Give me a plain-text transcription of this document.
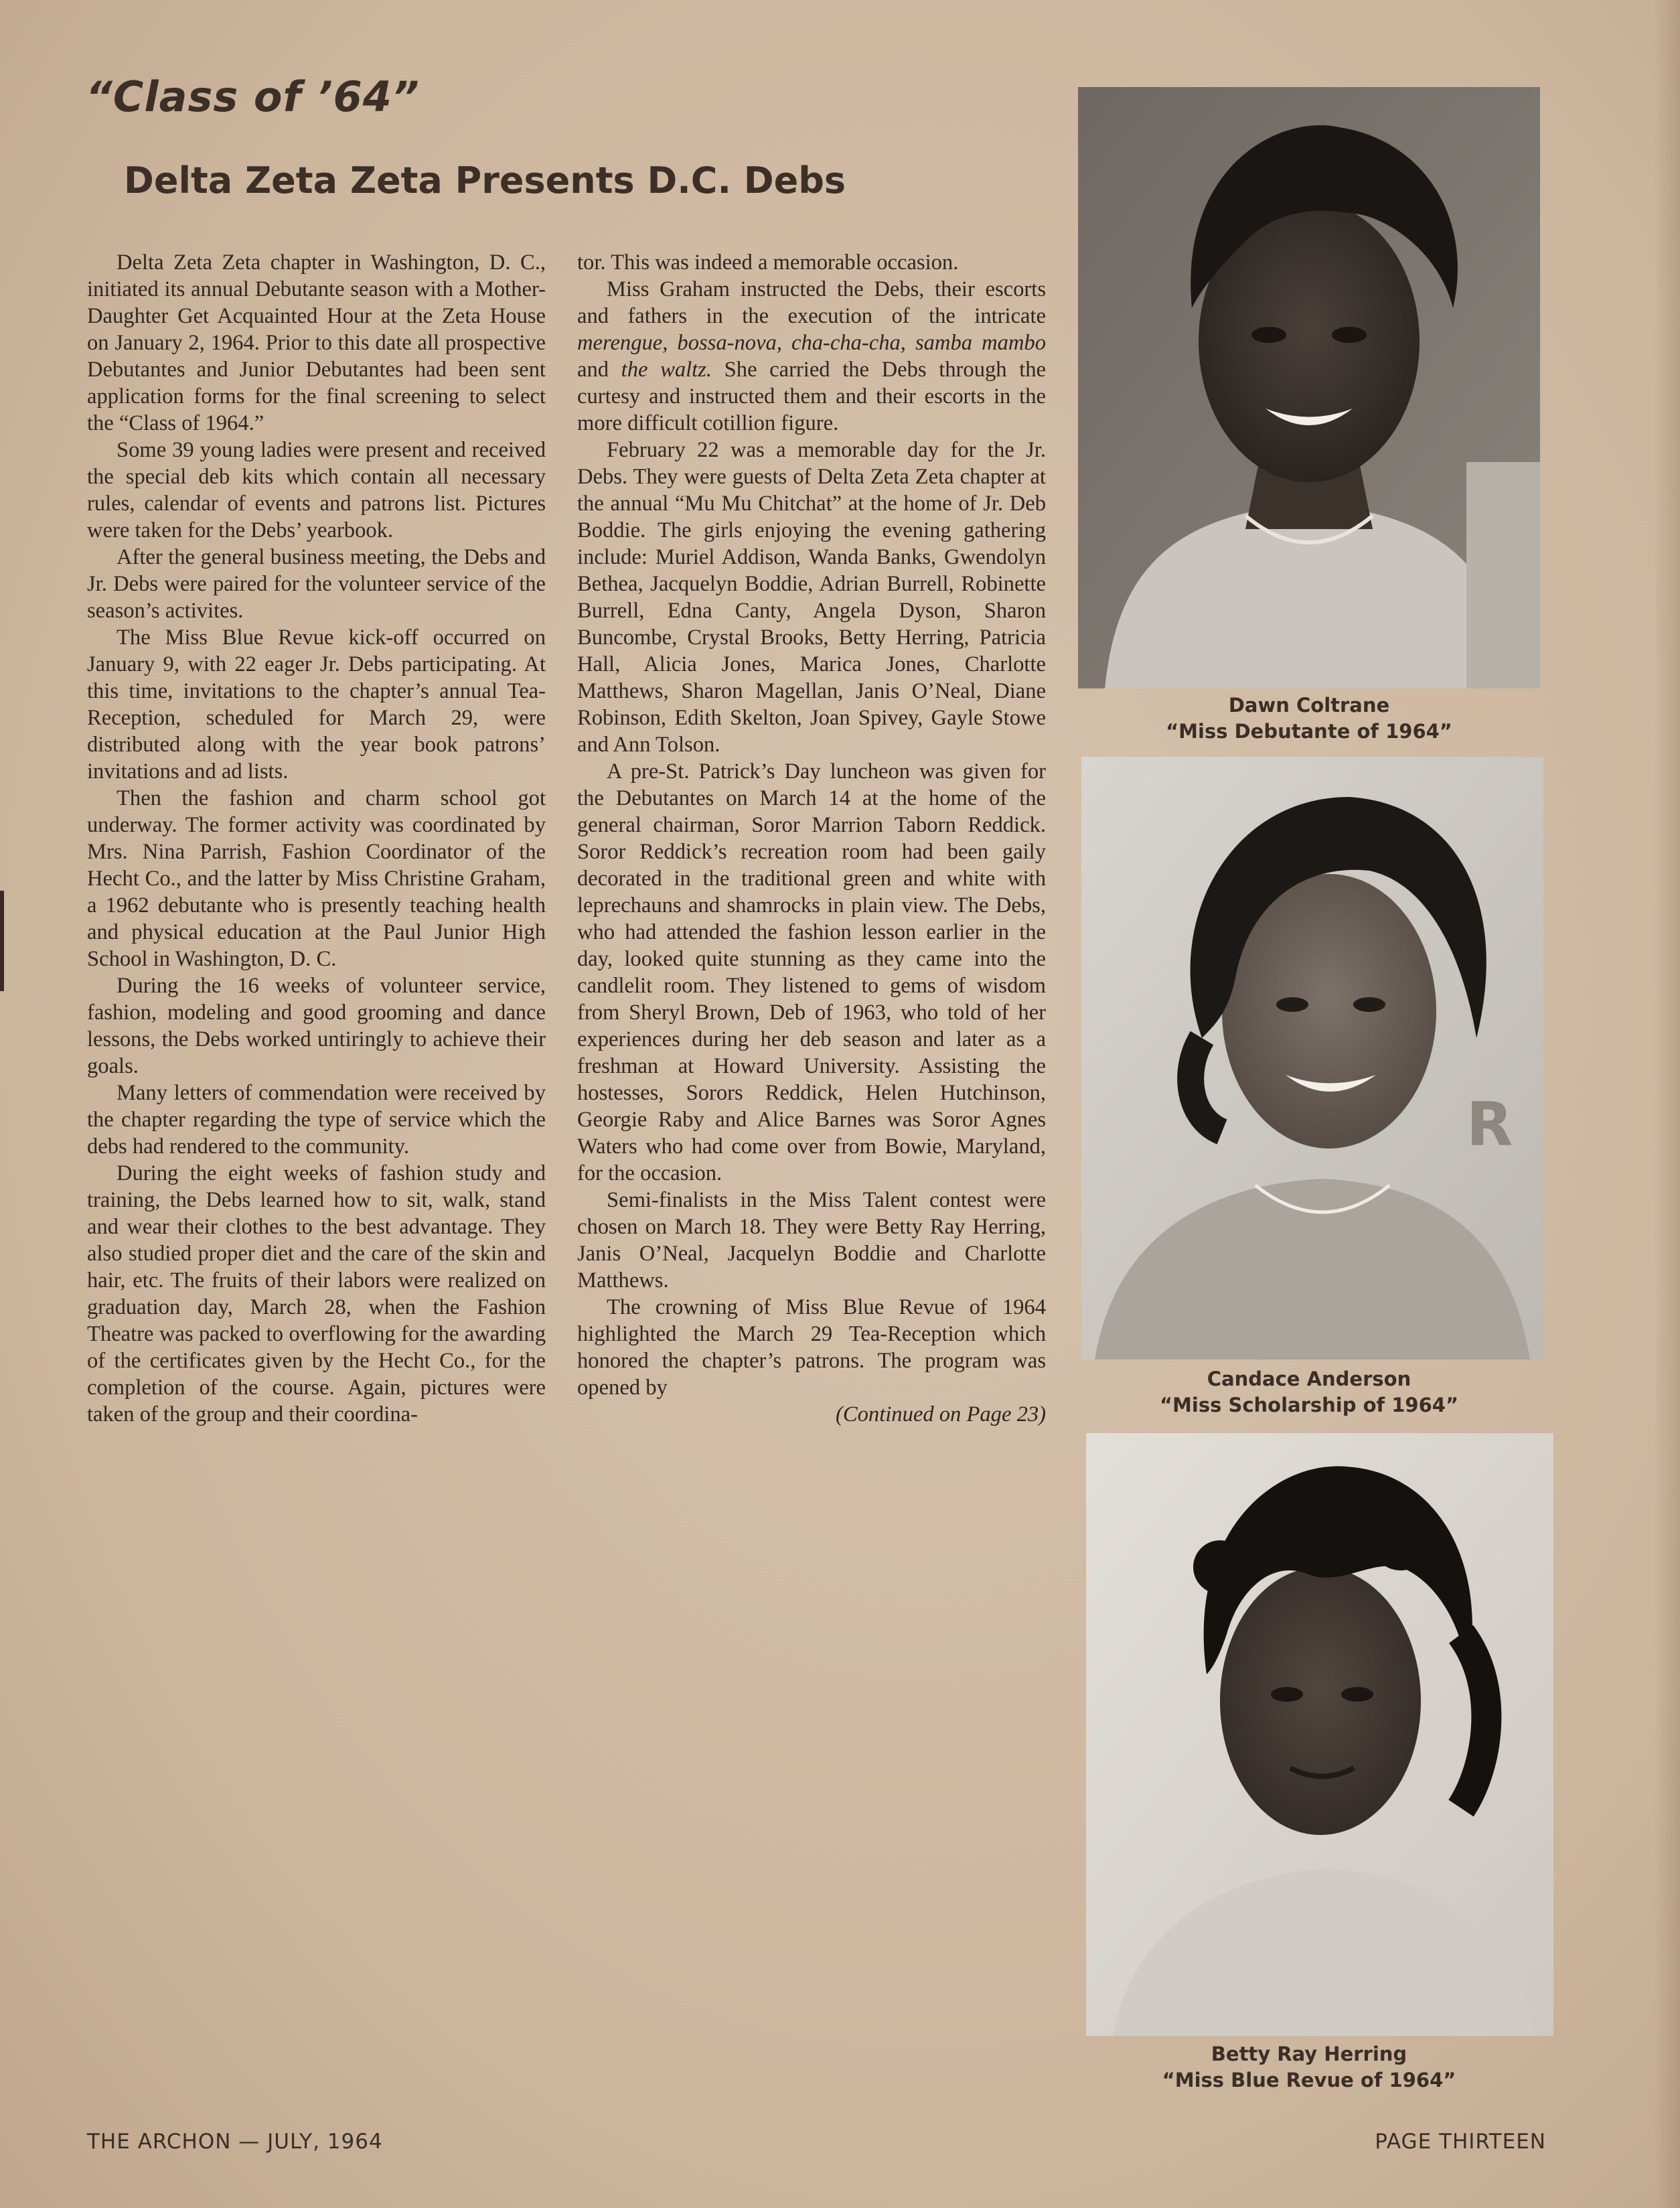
“Class of ’64”
Delta Zeta Zeta Presents D.C. Debs

Delta Zeta Zeta chapter in Washington, D. C., initiated its annual Debutante season with a Mother-Daughter Get Acquainted Hour at the Zeta House on January 2, 1964. Prior to this date all prospective Debutantes and Junior Debutantes had been sent application forms for the final screening to select the “Class of 1964.”

Some 39 young ladies were present and received the special deb kits which contain all necessary rules, calendar of events and patrons list. Pictures were taken for the Debs’ yearbook.

After the general business meeting, the Debs and Jr. Debs were paired for the volunteer service of the season’s activites.

The Miss Blue Revue kick-off occurred on January 9, with 22 eager Jr. Debs participating. At this time, invitations to the chapter’s annual Tea-Reception, scheduled for March 29, were distributed along with the year book patrons’ invitations and ad lists.

Then the fashion and charm school got underway. The former activity was coordinated by Mrs. Nina Parrish, Fashion Coordinator of the Hecht Co., and the latter by Miss Christine Graham, a 1962 debutante who is presently teaching health and physical education at the Paul Junior High School in Washington, D. C.

During the 16 weeks of volunteer service, fashion, modeling and good grooming and dance lessons, the Debs worked untiringly to achieve their goals.

Many letters of commendation were received by the chapter regarding the type of service which the debs had rendered to the community.

During the eight weeks of fashion study and training, the Debs learned how to sit, walk, stand and wear their clothes to the best advantage. They also studied proper diet and the care of the skin and hair, etc. The fruits of their labors were realized on graduation day, March 28, when the Fashion Theatre was packed to overflowing for the awarding of the certificates given by the Hecht Co., for the completion of the course. Again, pictures were taken of the group and their coordina-

tor. This was indeed a memorable occasion.

Miss Graham instructed the Debs, their escorts and fathers in the execution of the intricate merengue, bossa-nova, cha-cha-cha, samba mambo and the waltz. She carried the Debs through the curtesy and instructed them and their escorts in the more difficult cotillion figure.

February 22 was a memorable day for the Jr. Debs. They were guests of Delta Zeta Zeta chapter at the annual “Mu Mu Chitchat” at the home of Jr. Deb Boddie. The girls enjoying the evening gathering include: Muriel Addison, Wanda Banks, Gwendolyn Bethea, Jacquelyn Boddie, Adrian Burrell, Robinette Burrell, Edna Canty, Angela Dyson, Sharon Buncombe, Crystal Brooks, Betty Herring, Patricia Hall, Alicia Jones, Marica Jones, Charlotte Matthews, Sharon Magellan, Janis O’Neal, Diane Robinson, Edith Skelton, Joan Spivey, Gayle Stowe and Ann Tolson.

A pre-St. Patrick’s Day luncheon was given for the Debutantes on March 14 at the home of the general chairman, Soror Marrion Taborn Reddick. Soror Reddick’s recreation room had been gaily decorated in the traditional green and white with leprechauns and shamrocks in plain view. The Debs, who had attended the fashion lesson earlier in the day, looked quite stunning as they came into the candlelit room. They listened to gems of wisdom from Sheryl Brown, Deb of 1963, who told of her experiences during her deb season and later as a freshman at Howard University. Assisting the hostesses, Sorors Reddick, Helen Hutchinson, Georgie Raby and Alice Barnes was Soror Agnes Waters who had come over from Bowie, Maryland, for the occasion.

Semi-finalists in the Miss Talent contest were chosen on March 18. They were Betty Ray Herring, Janis O’Neal, Jacquelyn Boddie and Charlotte Matthews.

The crowning of Miss Blue Revue of 1964 highlighted the March 29 Tea-Reception which honored the chapter’s patrons. The program was opened by

(Continued on Page 23)
Dawn Coltrane
“Miss Debutante of 1964”
R
Candace Anderson
“Miss Scholarship of 1964”
Betty Ray Herring
“Miss Blue Revue of 1964”
THE ARCHON — JULY, 1964	PAGE THIRTEEN
